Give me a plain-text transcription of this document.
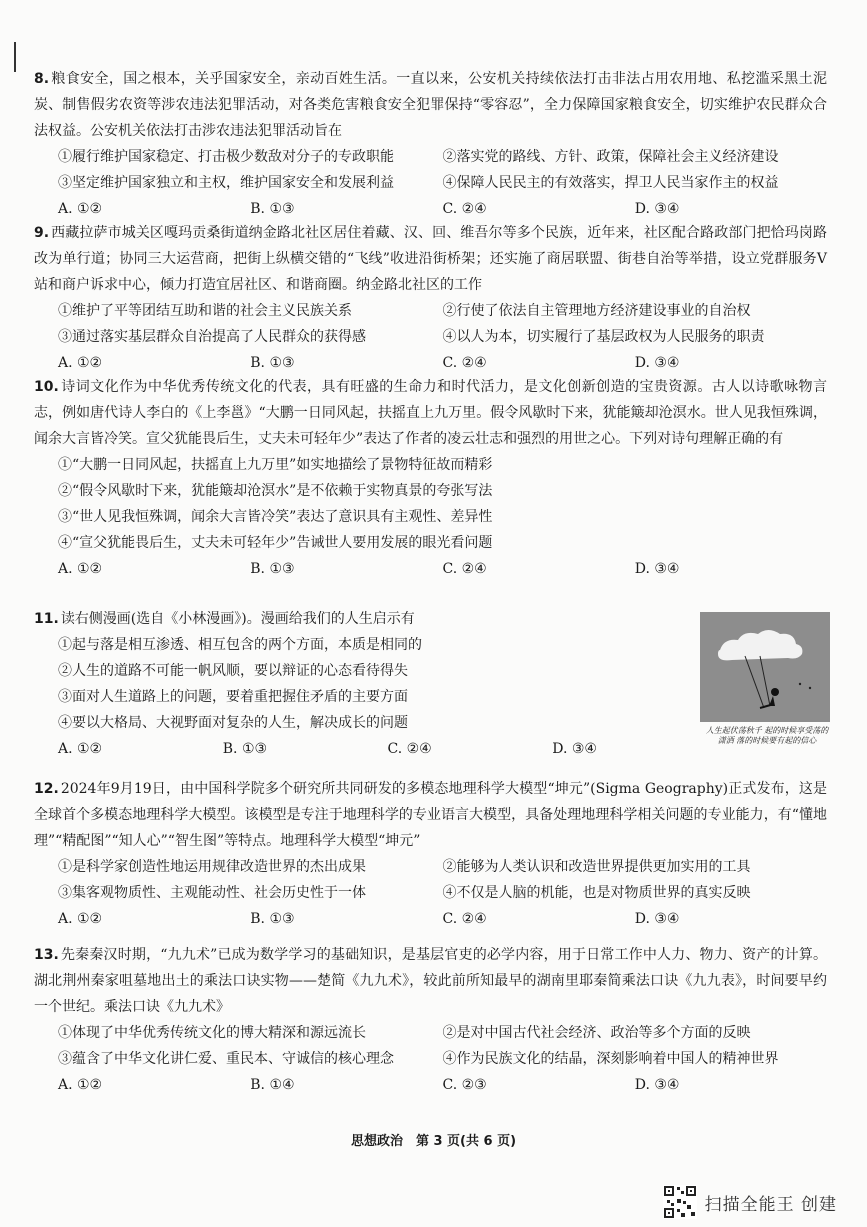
8. 粮食安全，国之根本，关乎国家安全，亲动百姓生活。一直以来，公安机关持续依法打击非法占用农用地、私挖滥采黑土泥炭、制售假劣农资等涉农违法犯罪活动，对各类危害粮食安全犯罪保持“零容忍”，全力保障国家粮食安全，切实维护农民群众合法权益。公安机关依法打击涉农违法犯罪活动旨在

①履行维护国家稳定、打击极少数敌对分子的专政职能	②落实党的路线、方针、政策，保障社会主义经济建设
③坚定维护国家独立和主权，维护国家安全和发展利益	④保障人民民主的有效落实，捍卫人民当家作主的权益
A. ①②	B. ①③	C. ②④	D. ③④

9. 西藏拉萨市城关区嘎玛贡桑街道纳金路北社区居住着藏、汉、回、维吾尔等多个民族，近年来，社区配合路政部门把恰玛岗路改为单行道；协同三大运营商，把街上纵横交错的“飞线”收进沿街桥架；还实施了商居联盟、街巷自治等举措，设立党群服务V站和商户诉求中心，倾力打造宜居社区、和谐商圈。纳金路北社区的工作

①维护了平等团结互助和谐的社会主义民族关系	②行使了依法自主管理地方经济建设事业的自治权
③通过落实基层群众自治提高了人民群众的获得感	④以人为本，切实履行了基层政权为人民服务的职责
A. ①②	B. ①③	C. ②④	D. ③④

10. 诗词文化作为中华优秀传统文化的代表，具有旺盛的生命力和时代活力，是文化创新创造的宝贵资源。古人以诗歌咏物言志，例如唐代诗人李白的《上李邕》“大鹏一日同风起，扶摇直上九万里。假令风歇时下来，犹能簸却沧溟水。世人见我恒殊调，闻余大言皆冷笑。宣父犹能畏后生，丈夫未可轻年少”表达了作者的凌云壮志和强烈的用世之心。下列对诗句理解正确的有

①“大鹏一日同风起，扶摇直上九万里”如实地描绘了景物特征故而精彩
②“假令风歇时下来，犹能簸却沧溟水”是不依赖于实物真景的夸张写法
③“世人见我恒殊调，闻余大言皆冷笑”表达了意识具有主观性、差异性
④“宣父犹能畏后生，丈夫未可轻年少”告诫世人要用发展的眼光看问题
A. ①②	B. ①③	C. ②④	D. ③④

11. 读右侧漫画(选自《小林漫画》)。漫画给我们的人生启示有

①起与落是相互渗透、相互包含的两个方面，本质是相同的
②人生的道路不可能一帆风顺，要以辩证的心态看待得失
③面对人生道路上的问题，要着重把握住矛盾的主要方面
④要以大格局、大视野面对复杂的人生，解决成长的问题
A. ①②	B. ①③	C. ②④	D. ③④
人生起伏荡秋千 起的时候享受荡的潇洒 落的时候要有起的信心

12. 2024年9月19日，由中国科学院多个研究所共同研发的多模态地理科学大模型“坤元”(Sigma Geography)正式发布，这是全球首个多模态地理科学大模型。该模型是专注于地理科学的专业语言大模型，具备处理地理科学相关问题的专业能力，有“懂地理”“精配图”“知人心”“智生图”等特点。地理科学大模型“坤元”

①是科学家创造性地运用规律改造世界的杰出成果	②能够为人类认识和改造世界提供更加实用的工具
③集客观物质性、主观能动性、社会历史性于一体	④不仅是人脑的机能，也是对物质世界的真实反映
A. ①②	B. ①③	C. ②④	D. ③④

13. 先秦秦汉时期，“九九术”已成为数学学习的基础知识，是基层官吏的必学内容，用于日常工作中人力、物力、资产的计算。湖北荆州秦家咀墓地出土的乘法口诀实物——楚简《九九术》，较此前所知最早的湖南里耶秦简乘法口诀《九九表》，时间要早约一个世纪。乘法口诀《九九术》

①体现了中华优秀传统文化的博大精深和源远流长	②是对中国古代社会经济、政治等多个方面的反映
③蕴含了中华文化讲仁爱、重民本、守诚信的核心理念	④作为民族文化的结晶，深刻影响着中国人的精神世界
A. ①②	B. ①④	C. ②③	D. ③④
思想政治　第 3 页(共 6 页)
扫描全能王 创建
